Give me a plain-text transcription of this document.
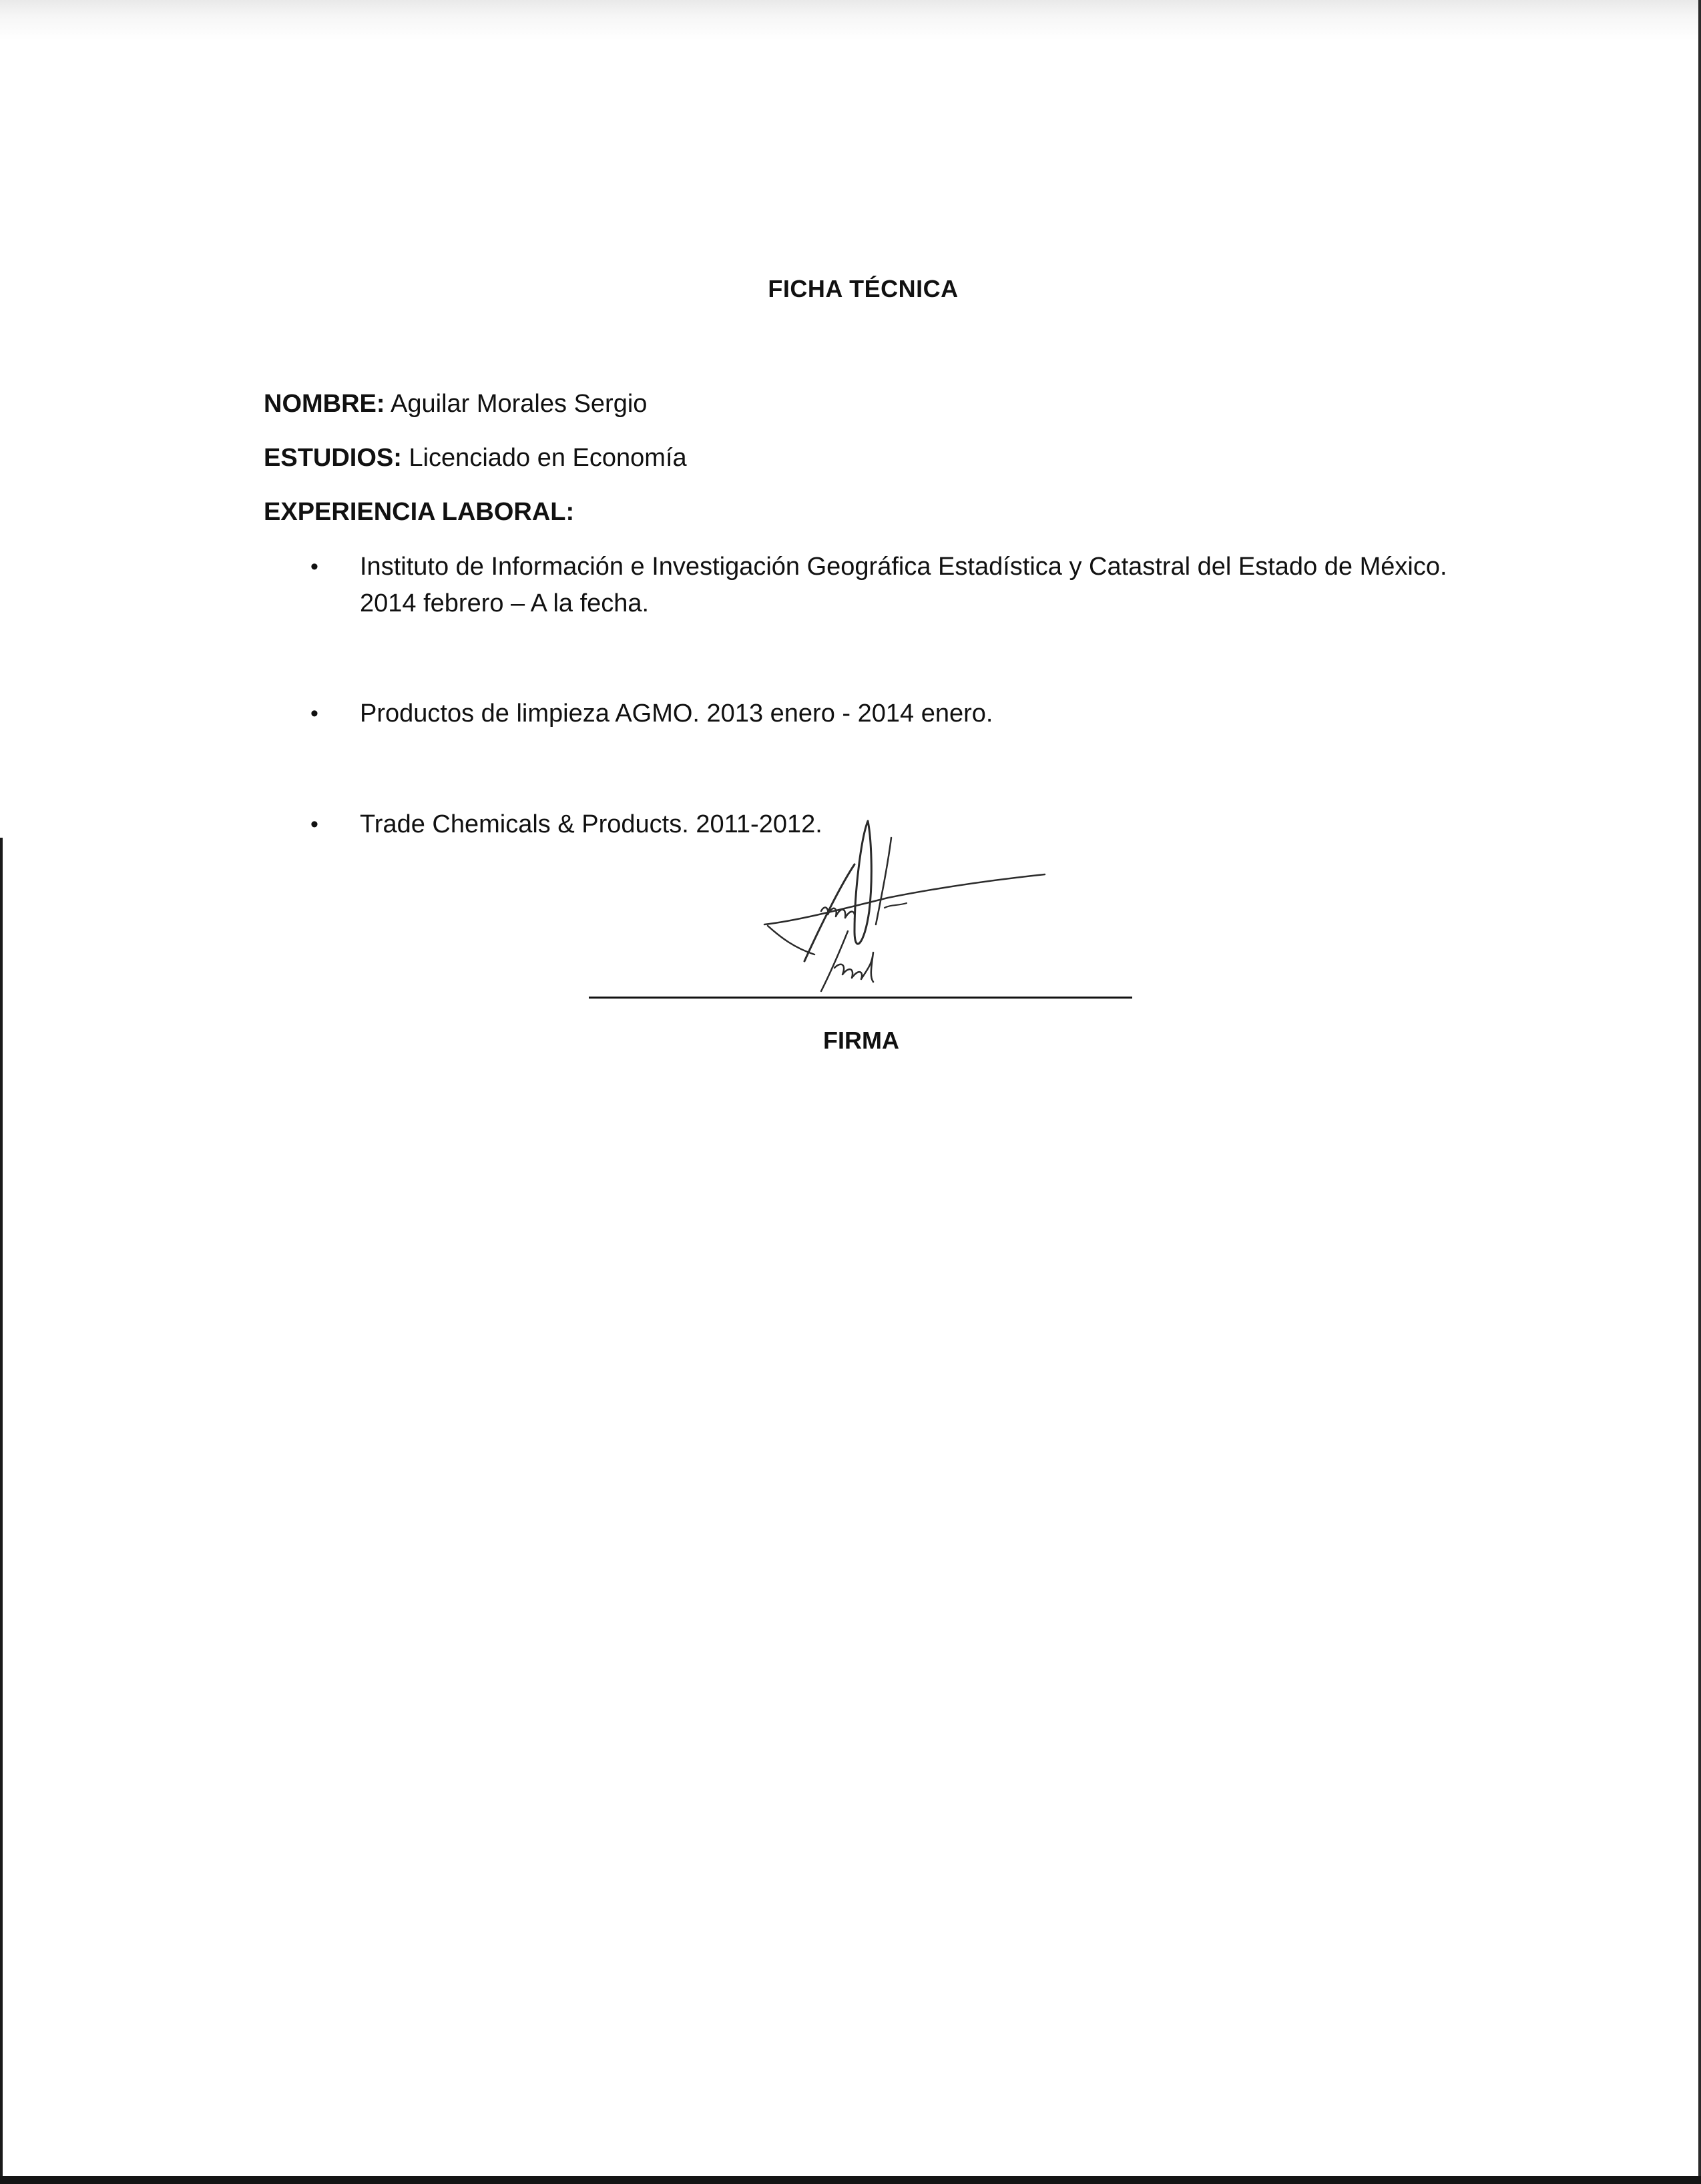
FICHA TÉCNICA
NOMBRE: Aguilar Morales Sergio
ESTUDIOS: Licenciado en Economía
EXPERIENCIA LABORAL:
•	Instituto de Información e Investigación Geográfica Estadística y Catastral del Estado de México. 2014 febrero – A la fecha.
•	Productos de limpieza AGMO. 2013 enero - 2014 enero.
•	Trade Chemicals & Products. 2011-2012.
FIRMA
